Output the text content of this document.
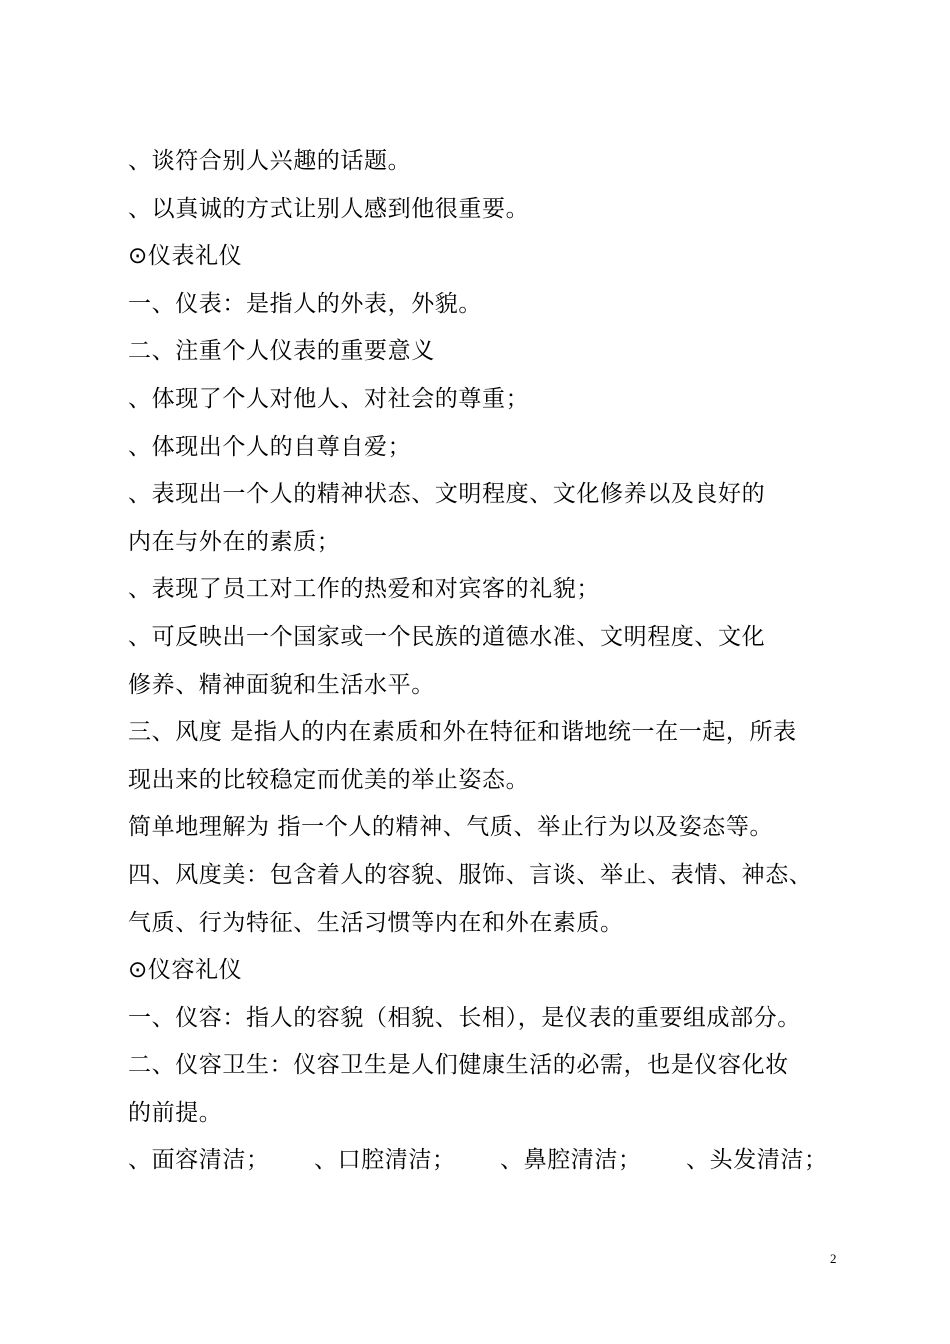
、谈符合别人兴趣的话题。
、以真诚的方式让别人感到他很重要。
⊙仪表礼仪
一、仪表：是指人的外表，外貌。
二、注重个人仪表的重要意义
、体现了个人对他人、对社会的尊重；
、体现出个人的自尊自爱；
、表现出一个人的精神状态、文明程度、文化修养以及良好的
内在与外在的素质；
、表现了员工对工作的热爱和对宾客的礼貌；
、可反映出一个国家或一个民族的道德水准、文明程度、文化
修养、精神面貌和生活水平。
三、风度 是指人的内在素质和外在特征和谐地统一在一起，所表
现出来的比较稳定而优美的举止姿态。
简单地理解为 指一个人的精神、气质、举止行为以及姿态等。
四、风度美：包含着人的容貌、服饰、言谈、举止、表情、神态、
气质、行为特征、生活习惯等内在和外在素质。
⊙仪容礼仪
一、仪容：指人的容貌（相貌、长相），是仪表的重要组成部分。
二、仪容卫生：仪容卫生是人们健康生活的必需，也是仪容化妆
的前提。
、面容清洁；	、口腔清洁；	、鼻腔清洁；	、头发清洁；
2
